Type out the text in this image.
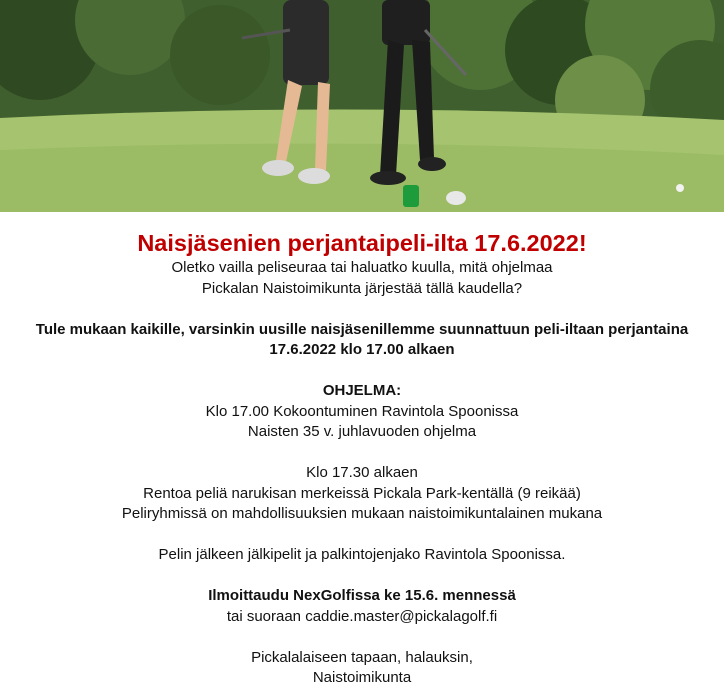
Naisjäsenien perjantaipeli-ilta 17.6.2022!
Oletko vailla peliseuraa tai haluatko kuulla, mitä ohjelmaa
Pickalan Naistoimikunta järjestää tällä kaudella?
Tule mukaan kaikille, varsinkin uusille naisjäsenillemme suunnattuun peli-iltaan perjantaina
17.6.2022 klo 17.00 alkaen
OHJELMA:
Klo 17.00 Kokoontuminen Ravintola Spoonissa
Naisten 35 v. juhlavuoden ohjelma
Klo 17.30 alkaen
Rentoa peliä narukisan merkeissä Pickala Park-kentällä (9 reikää)
Peliryhmissä on mahdollisuuksien mukaan naistoimikuntalainen mukana
Pelin jälkeen jälkipelit ja palkintojenjako Ravintola Spoonissa.
Ilmoittaudu NexGolfissa ke 15.6. mennessä
tai suoraan caddie.master@pickalagolf.fi
Pickalalaiseen tapaan, halauksin,
Naistoimikunta
